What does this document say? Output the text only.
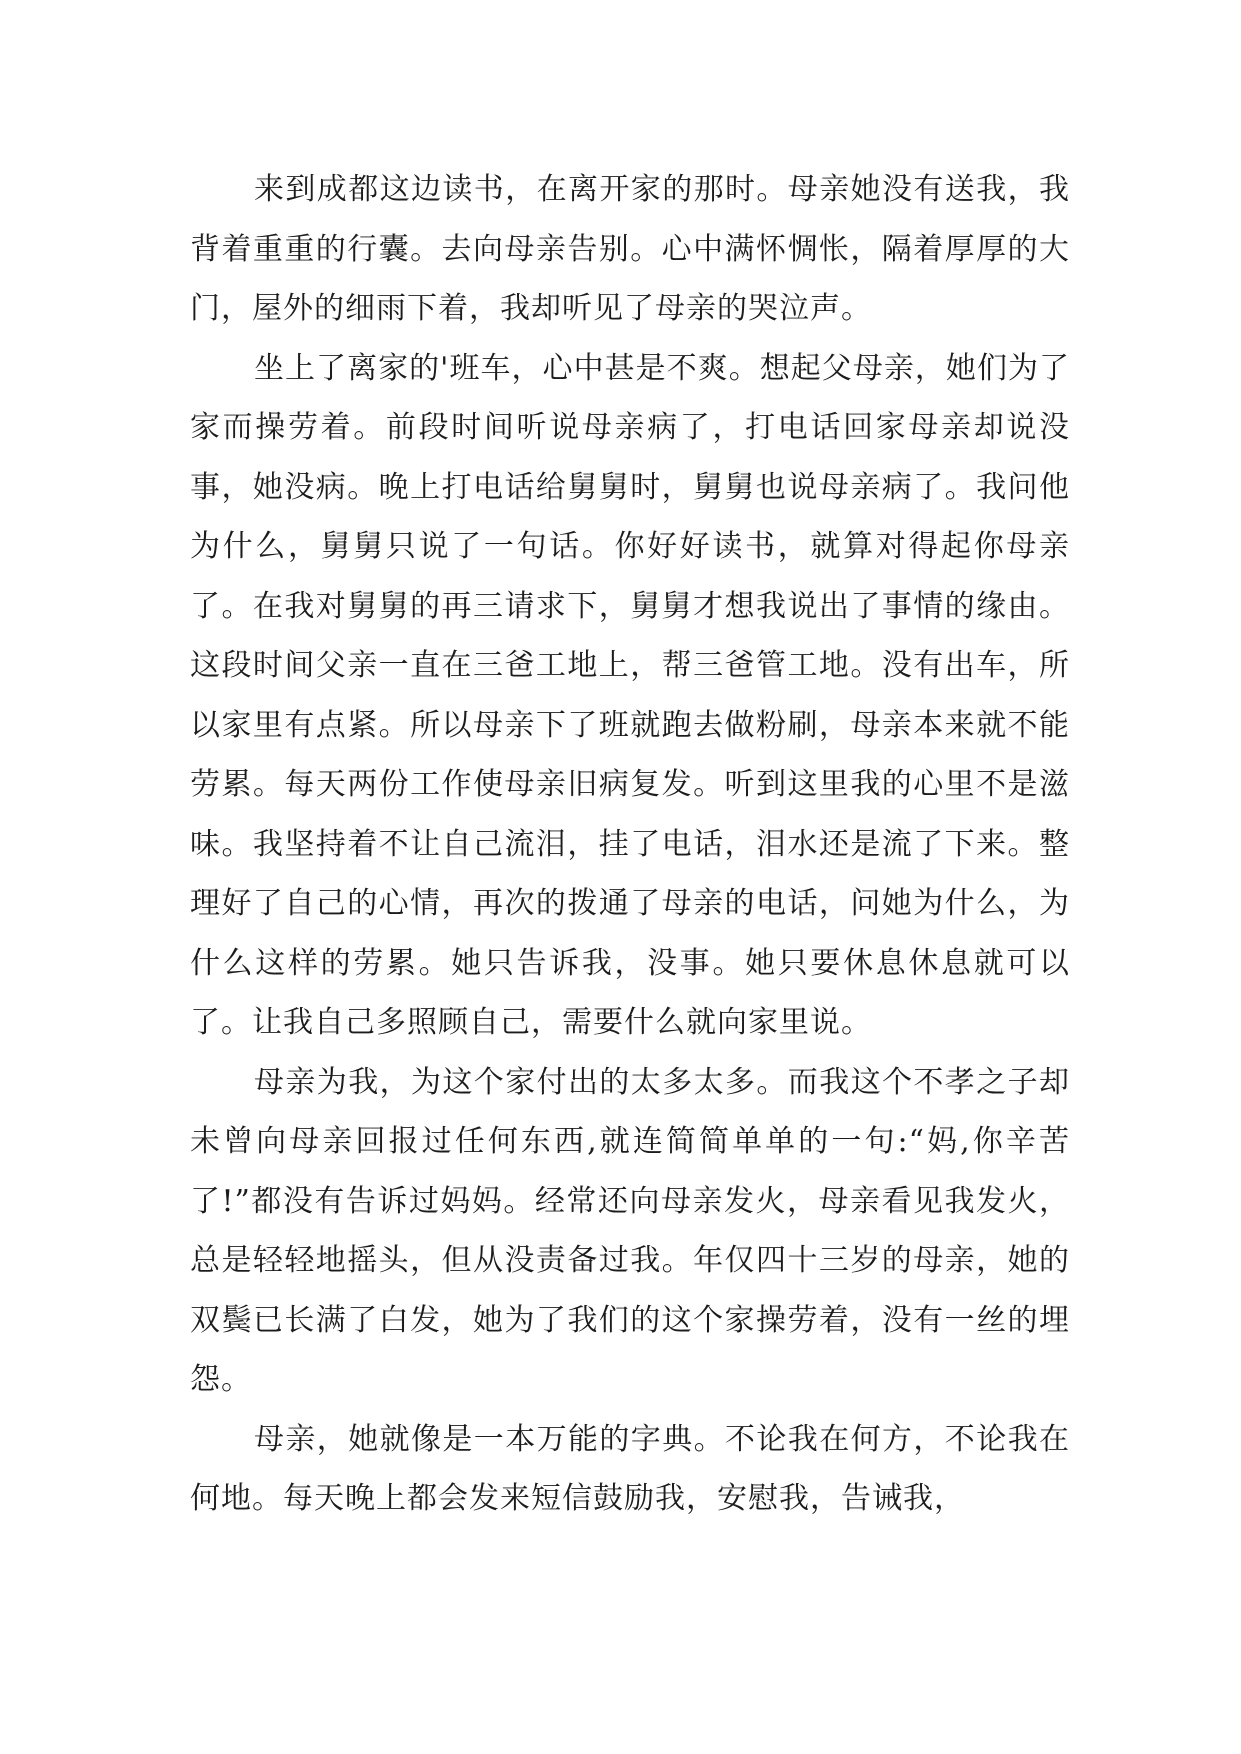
来到成都这边读书，在离开家的那时。母亲她没有送我，我背着重重的行囊。去向母亲告别。心中满怀惆怅，隔着厚厚的大门，屋外的细雨下着，我却听见了母亲的哭泣声。

坐上了离家的'班车，心中甚是不爽。想起父母亲，她们为了家而操劳着。前段时间听说母亲病了，打电话回家母亲却说没事，她没病。晚上打电话给舅舅时，舅舅也说母亲病了。我问他为什么，舅舅只说了一句话。你好好读书，就算对得起你母亲了。在我对舅舅的再三请求下，舅舅才想我说出了事情的缘由。这段时间父亲一直在三爸工地上，帮三爸管工地。没有出车，所以家里有点紧。所以母亲下了班就跑去做粉刷，母亲本来就不能劳累。每天两份工作使母亲旧病复发。听到这里我的心里不是滋味。我坚持着不让自己流泪，挂了电话，泪水还是流了下来。整理好了自己的心情，再次的拨通了母亲的电话，问她为什么，为什么这样的劳累。她只告诉我，没事。她只要休息休息就可以了。让我自己多照顾自己，需要什么就向家里说。

母亲为我，为这个家付出的太多太多。而我这个不孝之子却未曾向母亲回报过任何东西,就连简简单单的一句:“妈,你辛苦了!”都没有告诉过妈妈。经常还向母亲发火，母亲看见我发火，总是轻轻地摇头，但从没责备过我。年仅四十三岁的母亲，她的双鬓已长满了白发，她为了我们的这个家操劳着，没有一丝的埋怨。

母亲，她就像是一本万能的字典。不论我在何方，不论我在何地。每天晚上都会发来短信鼓励我，安慰我，告诫我，
